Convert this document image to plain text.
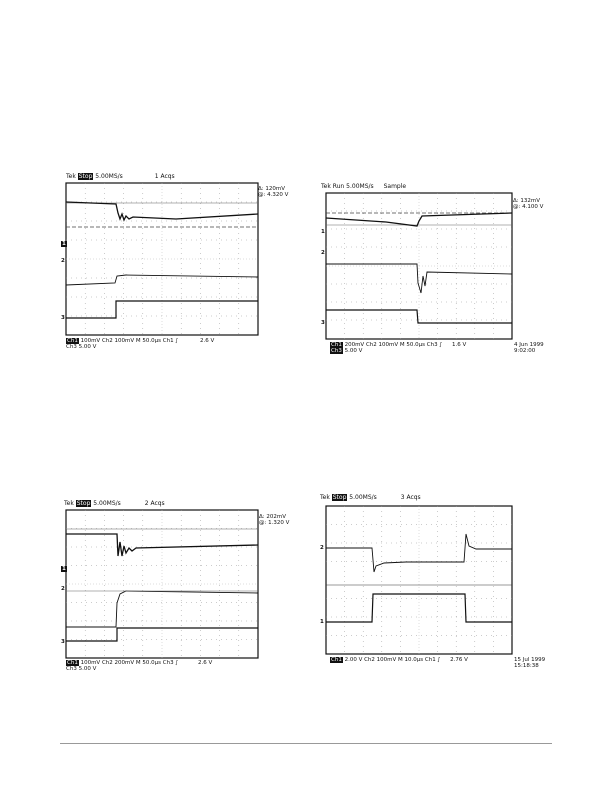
Tek Stop 5.00MS/s	1 Acqs
2
1
3
Δ: 120mV
@: 4.320 V
Ch1 100mV Ch2 100mV M 50.0µs Ch1 ∫	2.6 V
Ch3 5.00 V
Tek Run 5.00MS/s Sample
1
2
3
Δ: 132mV
@: 4.100 V
Ch1 200mV Ch2 100mV M 50.0µs Ch3 ∫ 1.6 V
Ch3 5.00 V
4 Jun 1999 9:02:00
Tek Stop 5.00MS/s	2 Acqs
1
2
3
Δ: 202mV
@: 1.320 V
Ch1 100mV Ch2 200mV M 50.0µs Ch3 ∫	2.6 V
Ch3 5.00 V
Tek Stop 5.00MS/s	3 Acqs
2
1
Ch1 2.00 V Ch2 100mV M 10.0µs Ch1 ∫ 2.76 V	15 Jul 1999 15:18:38
